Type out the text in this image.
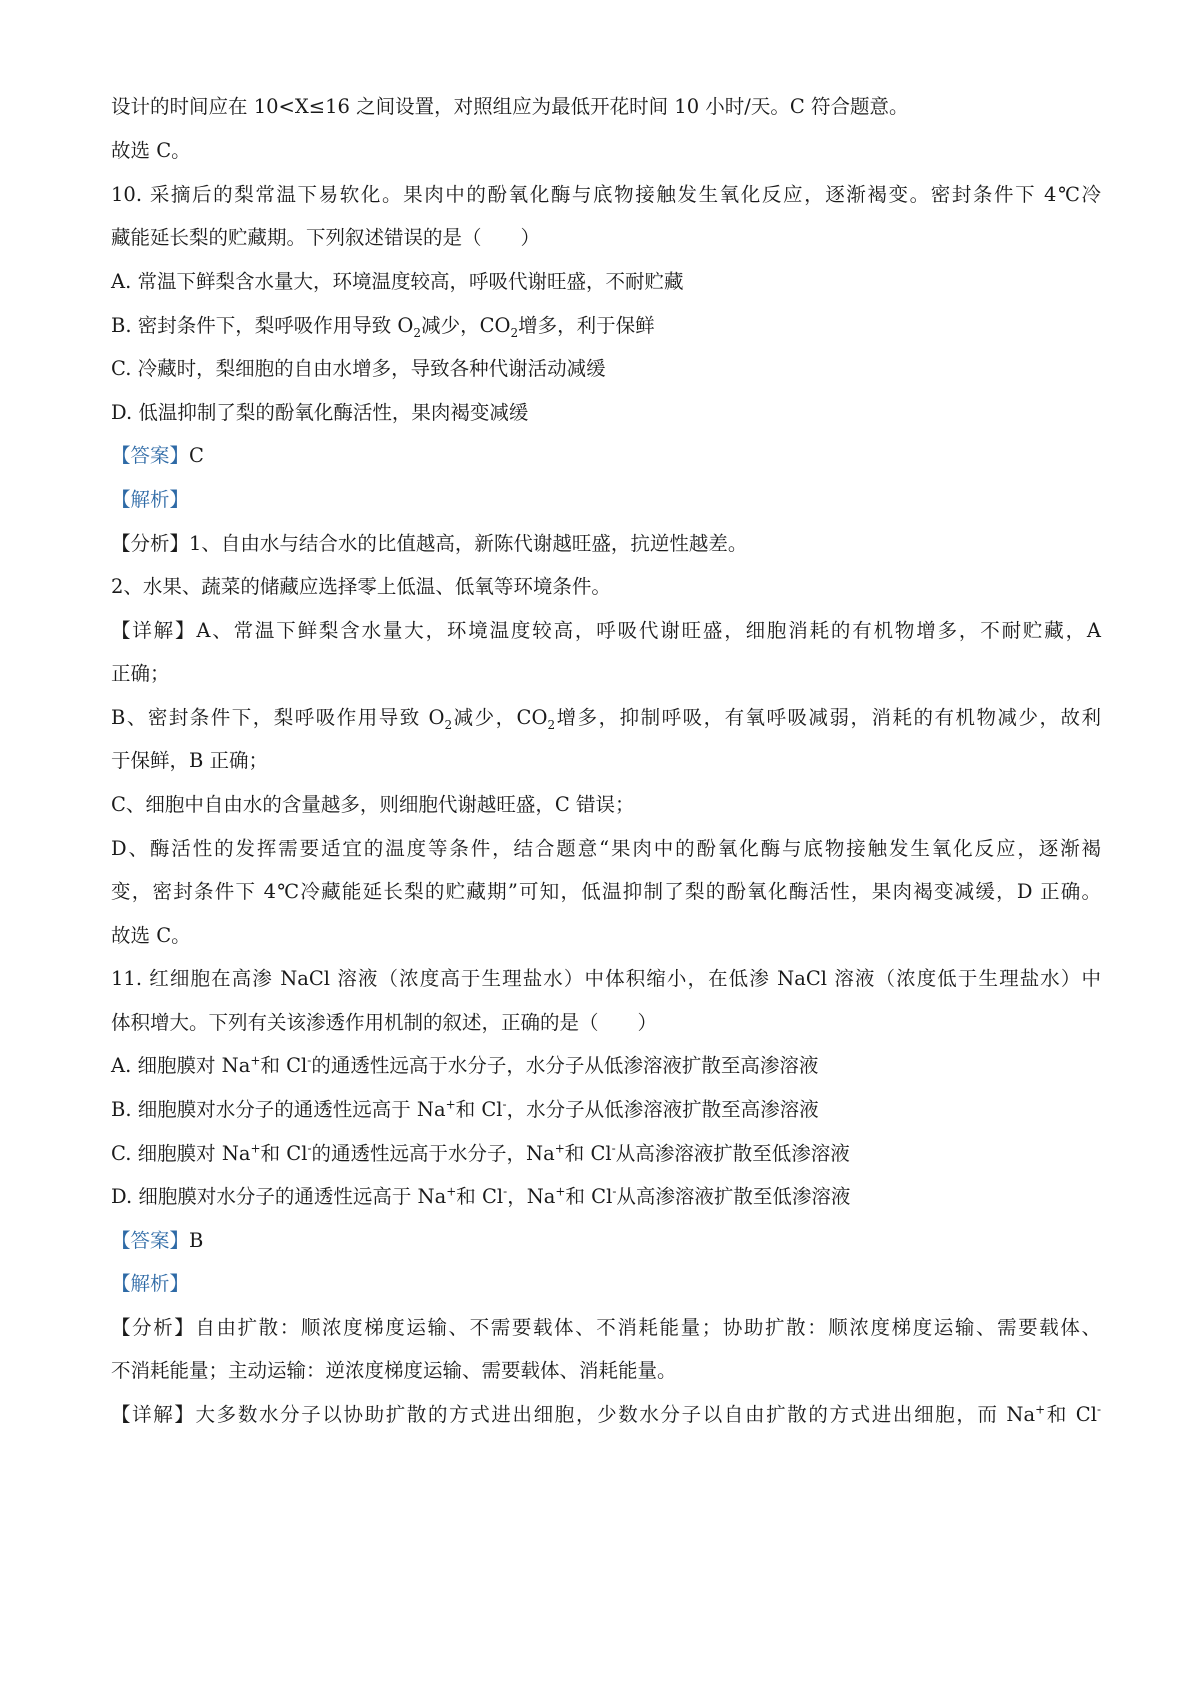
设计的时间应在 10<X≤16 之间设置，对照组应为最低开花时间 10 小时/天。C 符合题意。
故选 C。
10. 采摘后的梨常温下易软化。果肉中的酚氧化酶与底物接触发生氧化反应，逐渐褐变。密封条件下 4℃冷
藏能延长梨的贮藏期。下列叙述错误的是（　　）
A. 常温下鲜梨含水量大，环境温度较高，呼吸代谢旺盛，不耐贮藏
B. 密封条件下，梨呼吸作用导致 $O_2$减少，$CO_2$增多，利于保鲜
C. 冷藏时，梨细胞的自由水增多，导致各种代谢活动减缓
D. 低温抑制了梨的酚氧化酶活性，果肉褐变减缓
【答案】C
【解析】
【分析】1、自由水与结合水的比值越高，新陈代谢越旺盛，抗逆性越差。
2、水果、蔬菜的储藏应选择零上低温、低氧等环境条件。
【详解】A、常温下鲜梨含水量大，环境温度较高，呼吸代谢旺盛，细胞消耗的有机物增多，不耐贮藏，A
正确；
B、密封条件下，梨呼吸作用导致 $O_2$减少，$CO_2$增多，抑制呼吸，有氧呼吸减弱，消耗的有机物减少，故利
于保鲜，B 正确；
C、细胞中自由水的含量越多，则细胞代谢越旺盛，C 错误；
D、酶活性的发挥需要适宜的温度等条件，结合题意“果肉中的酚氧化酶与底物接触发生氧化反应，逐渐褐
变，密封条件下 4℃冷藏能延长梨的贮藏期”可知，低温抑制了梨的酚氧化酶活性，果肉褐变减缓，D 正确。
故选 C。
11. 红细胞在高渗 NaCl 溶液（浓度高于生理盐水）中体积缩小，在低渗 NaCl 溶液（浓度低于生理盐水）中
体积增大。下列有关该渗透作用机制的叙述，正确的是（　　）
A. 细胞膜对 Na+和 Cl-的通透性远高于水分子，水分子从低渗溶液扩散至高渗溶液
B. 细胞膜对水分子的通透性远高于 Na+和 Cl-，水分子从低渗溶液扩散至高渗溶液
C. 细胞膜对 Na+和 Cl-的通透性远高于水分子，Na+和 Cl-从高渗溶液扩散至低渗溶液
D. 细胞膜对水分子的通透性远高于 Na+和 Cl-，Na+和 Cl-从高渗溶液扩散至低渗溶液
【答案】B
【解析】
【分析】自由扩散：顺浓度梯度运输、不需要载体、不消耗能量；协助扩散：顺浓度梯度运输、需要载体、
不消耗能量；主动运输：逆浓度梯度运输、需要载体、消耗能量。
【详解】大多数水分子以协助扩散的方式进出细胞，少数水分子以自由扩散的方式进出细胞，而 Na+和 Cl-
